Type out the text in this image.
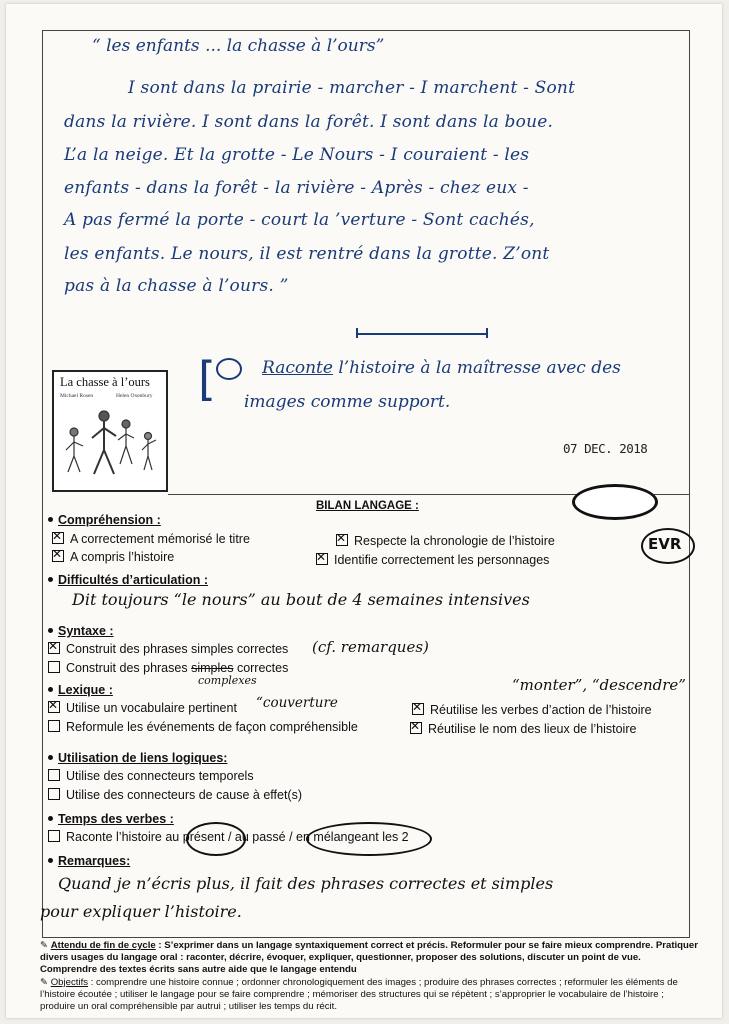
“ les enfants ... la chasse à l’ours”
I sont dans la prairie - marcher - I marchent - Sont
dans la rivière. I sont dans la forêt. I sont dans la boue.
L’a la neige. Et la grotte - Le Nours - I couraient - les
enfants - dans la forêt - la rivière - Après - chez eux -
A pas fermé la porte - court la ’verture - Sont cachés,
les enfants. Le nours, il est rentré dans la grotte. Z’ont
pas à la chasse à l’ours. ”
La chasse à l’ours
Michael Rosen	Helen Oxenbury [	Raconte l’histoire à la maîtresse avec des
images comme support.
07 DEC. 2018
BILAN LANGAGE :
EVR
Compréhension :
✕A correctement mémorisé le titre
✕A compris l’histoire
✕Respecte la chronologie de l’histoire
✕Identifie correctement les personnages
Difficultés d’articulation :
Dit toujours “le nours” au bout de 4 semaines intensives
Syntaxe :
✕Construit des phrases simples correctes (cf. remarques)
Construit des phrases simples correctes
complexes
Lexique :	“monter”, “descendre”
✕Utilise un vocabulaire pertinent “couverture
Reformule les événements de façon compréhensible
✕Réutilise les verbes d’action de l’histoire
✕Réutilise le nom des lieux de l’histoire
Utilisation de liens logiques:
Utilise des connecteurs temporels
Utilise des connecteurs de cause à effet(s)
Temps des verbes :
Raconte l’histoire au présent / au passé / en mélangeant les 2
Remarques:
Quand je n’écris plus, il fait des phrases correctes et simples
pour expliquer l’histoire.
✎ Attendu de fin de cycle : S’exprimer dans un langage syntaxiquement correct et précis. Reformuler pour se faire mieux comprendre. Pratiquer divers usages du langage oral : raconter, décrire, évoquer, expliquer, questionner, proposer des solutions, discuter un point de vue. Comprendre des textes écrits sans autre aide que le langage entendu
✎ Objectifs : comprendre une histoire connue ; ordonner chronologiquement des images ; produire des phrases correctes ; reformuler les éléments de l’histoire écoutée ; utiliser le langage pour se faire comprendre ; mémoriser des structures qui se répètent ; s’approprier le vocabulaire de l’histoire ; produire un oral compréhensible par autrui ; utiliser les temps du récit.
